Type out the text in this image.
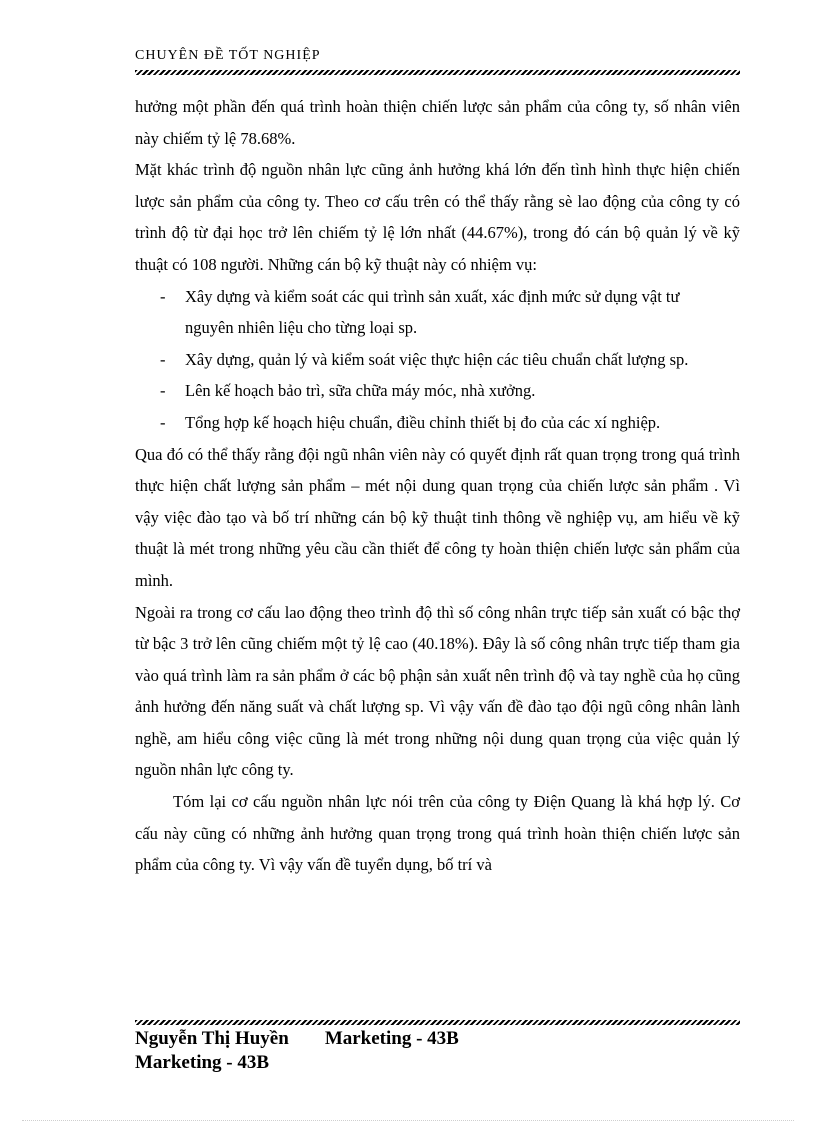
CHUYÊN ĐỀ TỐT NGHIỆP

hưởng một phần đến quá trình hoàn thiện chiến lược sản phẩm của công ty, số nhân viên này chiếm tỷ lệ 78.68%.

Mặt khác trình độ nguồn nhân lực cũng ảnh hưởng khá lớn đến tình hình thực hiện chiến lược sản phẩm của công ty. Theo cơ cấu trên có thể thấy rằng sè lao động của công ty có trình độ từ đại học trở lên chiếm tỷ lệ lớn nhất (44.67%), trong đó cán bộ quản lý về kỹ thuật có 108 người. Những cán bộ kỹ thuật này có nhiệm vụ:

- Xây dựng và kiểm soát các qui trình sản xuất, xác định mức sử dụng vật tư nguyên nhiên liệu cho từng loại sp.
- Xây dựng, quản lý và kiểm soát việc thực hiện các tiêu chuẩn chất lượng sp.
- Lên kế hoạch bảo trì, sữa chữa máy móc, nhà xưởng.
- Tổng hợp kế hoạch hiệu chuẩn, điều chỉnh thiết bị đo của các xí nghiệp.

Qua đó có thể thấy rằng đội ngũ nhân viên này có quyết định rất quan trọng trong quá trình thực hiện chất lượng sản phẩm – mét nội dung quan trọng của chiến lược sản phẩm . Vì vậy việc đào tạo và bố trí những cán bộ kỹ thuật tinh thông về nghiệp vụ, am hiểu về kỹ thuật là mét trong những yêu cầu cần thiết để công ty hoàn thiện chiến lược sản phẩm của mình.

Ngoài ra trong cơ cấu lao động theo trình độ thì số công nhân trực tiếp sản xuất có bậc thợ từ bậc 3 trở lên cũng chiếm một tỷ lệ cao (40.18%). Đây là số công nhân trực tiếp tham gia vào quá trình làm ra sản phẩm ở các bộ phận sản xuất nên trình độ và tay nghề của họ cũng ảnh hưởng đến năng suất và chất lượng sp. Vì vậy vấn đề đào tạo đội ngũ công nhân lành nghề, am hiểu công việc cũng là mét trong những nội dung quan trọng của việc quản lý nguồn nhân lực công ty.

Tóm lại cơ cấu nguồn nhân lực nói trên của công ty Điện Quang là khá hợp lý. Cơ cấu này cũng có những ảnh hưởng quan trọng trong quá trình hoàn thiện chiến lược sản phẩm của công ty. Vì vậy vấn đề tuyển dụng, bố trí và

Nguyễn Thị Huyền Marketing - 43B
Marketing - 43B
